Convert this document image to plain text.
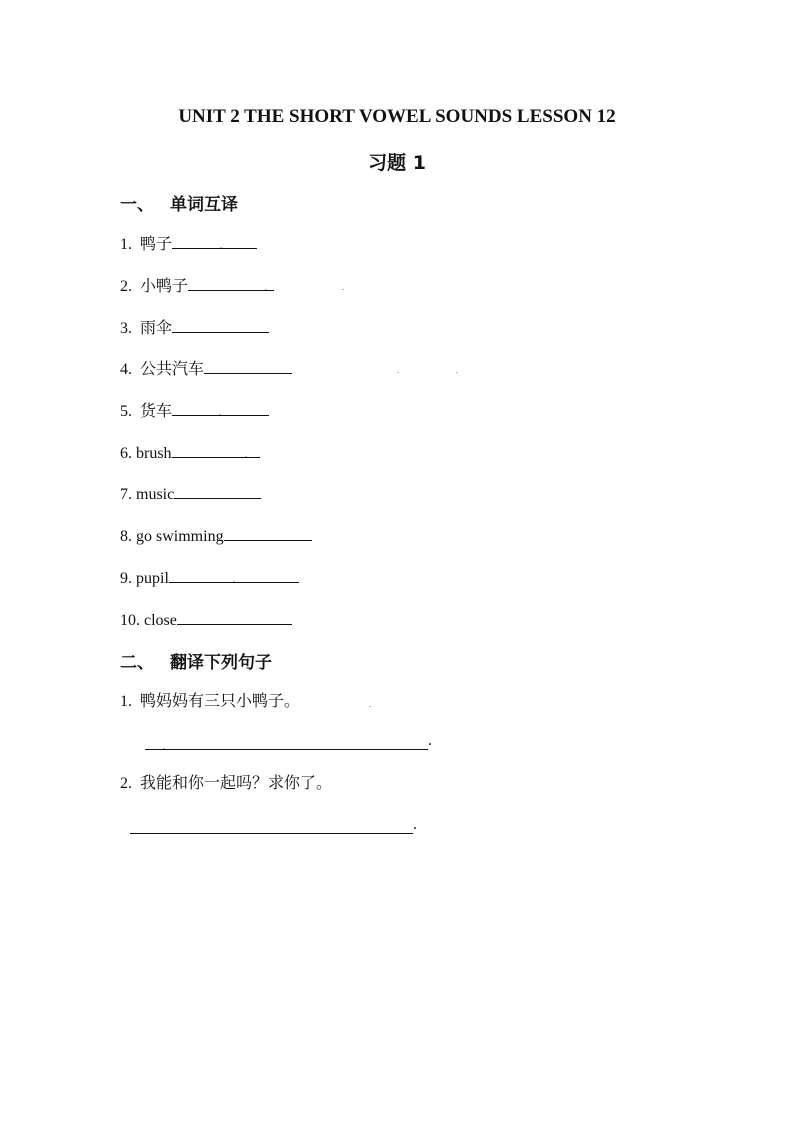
UNIT 2 THE SHORT VOWEL SOUNDS LESSON 12
习题 1
一、 单词互译
1. 鸭子
2. 小鸭子
3. 雨伞
4. 公共汽车
5. 货车
6. brush
7. music
8. go swimming
9. pupil
10. close
二、 翻译下列句子
1. 鸭妈妈有三只小鸭子。
.
2. 我能和你一起吗？求你了。
.
